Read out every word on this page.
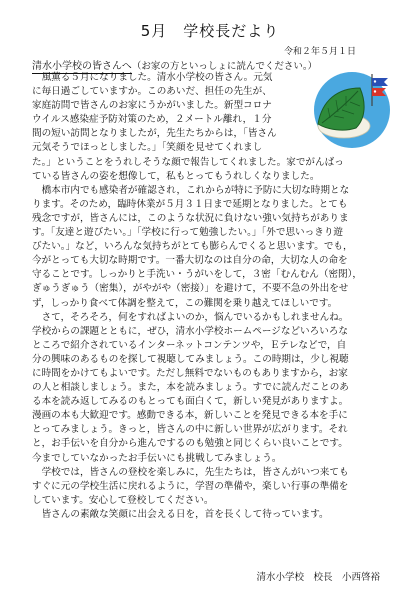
5月　学校長だより
令和２年５月１日
清水小学校の皆さんへ（お家の方といっしょに読んでください。）
　風薫る５月になりました。清水小学校の皆さん。元気
に毎日過ごしていますか。このあいだ、担任の先生が、
家庭訪問で皆さんのお家にうかがいました。新型コロナ
ウイルス感染症予防対策のため，２メートル離れ，１分
間の短い訪問となりましたが，先生たちからは，「皆さん
元気そうでほっとしました。」「笑顔を見せてくれまし
た。」ということをうれしそうな顔で報告してくれました。家でがんばっ
ている皆さんの姿を想像して，私もとってもうれしくなりました。
　橋本市内でも感染者が確認され，これからが特に予防に大切な時期とな
ります。そのため，臨時休業が５月３１日まで延期となりました。とても
残念ですが，皆さんには，このような状況に負けない強い気持ちがありま
す。「友達と遊びたい。」「学校に行って勉強したい。」「外で思いっきり遊
びたい。」など，いろんな気持ちがとても膨らんでくると思います。でも，
今がとっても大切な時期です。一番大切なのは自分の命，大切な人の命を
守ることです。しっかりと手洗い・うがいをして，３密「むんむん（密閉），
ぎゅうぎゅう（密集），がやがや（密接）」を避けて，不要不急の外出をせ
ず，しっかり食べて体調を整えて，この難関を乗り越えてほしいです。
　さて，そろそろ，何をすればよいのか，悩んでいるかもしれませんね。
学校からの課題とともに，ぜひ，清水小学校ホームページなどいろいろな
ところで紹介されているインターネットコンテンツや，Ｅテレなどで，自
分の興味のあるものを探して視聴してみましょう。この時期は，少し視聴
に時間をかけてもよいです。ただし無料でないものもありますから，お家
の人と相談しましょう。また，本を読みましょう。すでに読んだことのあ
る本を読み返してみるのもとっても面白くて，新しい発見がありますよ。
漫画の本も大歓迎です。感動できる本，新しいことを発見できる本を手に
とってみましょう。きっと，皆さんの中に新しい世界が広がります。それ
と，お手伝いを自分から進んでするのも勉強と同じくらい良いことです。
今までしていなかったお手伝いにも挑戦してみましょう。
　学校では，皆さんの登校を楽しみに，先生たちは，皆さんがいつ来ても
すぐに元の学校生活に戻れるように，学習の準備や，楽しい行事の準備を
しています。安心して登校してください。
　皆さんの素敵な笑顔に出会える日を，首を長くして待っています。
清水小学校　校長　小西啓裕
